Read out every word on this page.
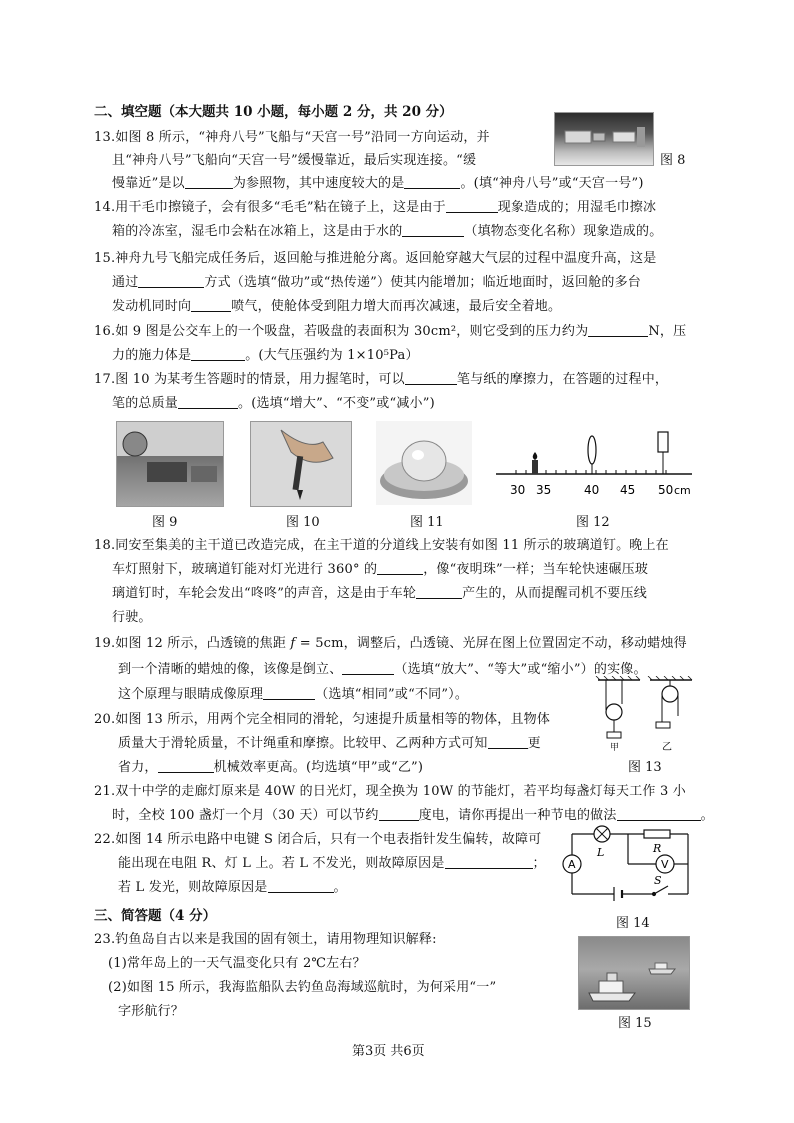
二、填空题（本大题共 10 小题，每小题 2 分，共 20 分）
13.如图 8 所示，“神舟八号”飞船与“天宫一号”沿同一方向运动，并
且“神舟八号”飞船向“天宫一号”缓慢靠近，最后实现连接。“缓
慢靠近”是以	为参照物，其中速度较大的是	。(填“神舟八号”或“天宫一号”)
图 8
14.用干毛巾擦镜子，会有很多“毛毛”粘在镜子上，这是由于	现象造成的；用湿毛巾擦冰
箱的冷冻室，湿毛巾会粘在冰箱上，这是由于水的	（填物态变化名称）现象造成的。
15.神舟九号飞船完成任务后，返回舱与推进舱分离。返回舱穿越大气层的过程中温度升高，这是
通过	方式（选填“做功”或“热传递”）使其内能增加；临近地面时，返回舱的多台
发动机同时向	喷气，使舱体受到阻力增大而再次减速，最后安全着地。
16.如 9 图是公交车上的一个吸盘，若吸盘的表面积为 30cm²，则它受到的压力约为	N，压
力的施力体是	。(大气压强约为 1×10⁵Pa）
17.图 10 为某考生答题时的情景，用力握笔时，可以	笔与纸的摩擦力，在答题的过程中，
笔的总质量	。(选填“增大”、“不变”或“减小”)
30 35	40 45 50 cm
图 9	图 10	图 11	图 12
18.同安至集美的主干道已改造完成，在主干道的分道线上安装有如图 11 所示的玻璃道钉。晚上在
车灯照射下，玻璃道钉能对灯光进行 360° 的	，像“夜明珠”一样；当车轮快速碾压玻
璃道钉时，车轮会发出“咚咚”的声音，这是由于车轮	产生的，从而提醒司机不要压线
行驶。
19.如图 12 所示，凸透镜的焦距 f = 5cm，调整后，凸透镜、光屏在图上位置固定不动，移动蜡烛得
到一个清晰的蜡烛的像，该像是倒立、	（选填“放大”、“等大”或“缩小”）的实像。
这个原理与眼睛成像原理	（选填“相同”或“不同”）。
甲	乙
20.如图 13 所示，用两个完全相同的滑轮，匀速提升质量相等的物体，且物体
质量大于滑轮质量，不计绳重和摩擦。比较甲、乙两种方式可知	更
省力，	机械效率更高。(均选填“甲”或“乙”)	图 13
21.双十中学的走廊灯原来是 40W 的日光灯，现全换为 10W 的节能灯，若平均每盏灯每天工作 3 小
时，全校 100 盏灯一个月（30 天）可以节约	度电，请你再提出一种节电的做法	。
22.如图 14 所示电路中电键 S 闭合后，只有一个电表指针发生偏转，故障可
能出现在电阻 R、灯 L 上。若 L 不发光，则故障原因是	；
若 L 发光，则故障原因是	。
A	V
L	R
S
图 14
三、简答题（4 分）
23.钓鱼岛自古以来是我国的固有领土，请用物理知识解释:
(1)常年岛上的一天气温变化只有 2℃左右？
(2)如图 15 所示，我海监船队去钓鱼岛海域巡航时，为何采用“一”
字形航行？
图 15
第3页 共6页
